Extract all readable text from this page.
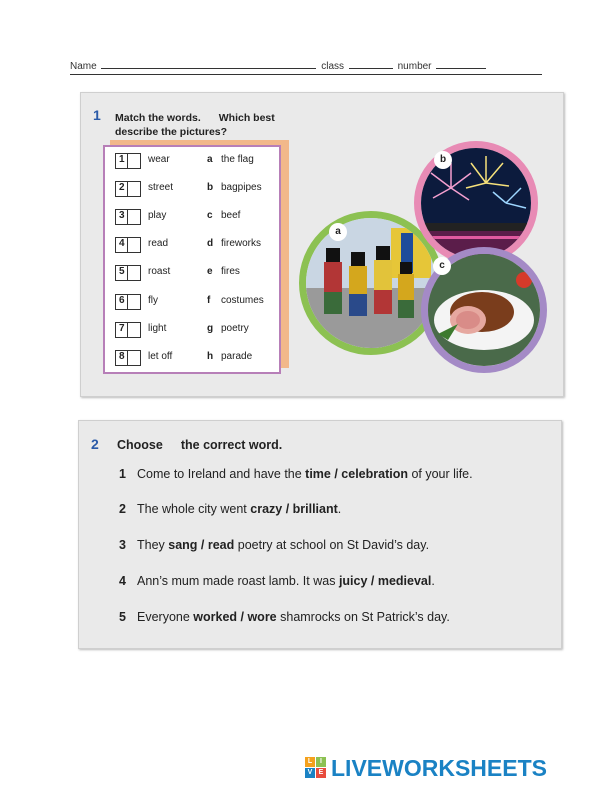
Name	class	number
1 Match the words. Which best
describe the pictures?
1 wear	a the flag
2 street	b bagpipes
3 play	c beef
4 read	d fireworks
5 roast	e fires
6 fly	f costumes
7 light	g poetry
8 let off	h parade
a
b
c
2 Choose the correct word.
1 Come to Ireland and have the time / celebration of your life.
2 The whole city went crazy / brilliant.
3 They sang / read poetry at school on St David’s day.
4 Ann’s mum made roast lamb. It was juicy / medieval.
5 Everyone worked / wore shamrocks on St Patrick’s day.
L	I
V E LIVEWORKSHEETS
